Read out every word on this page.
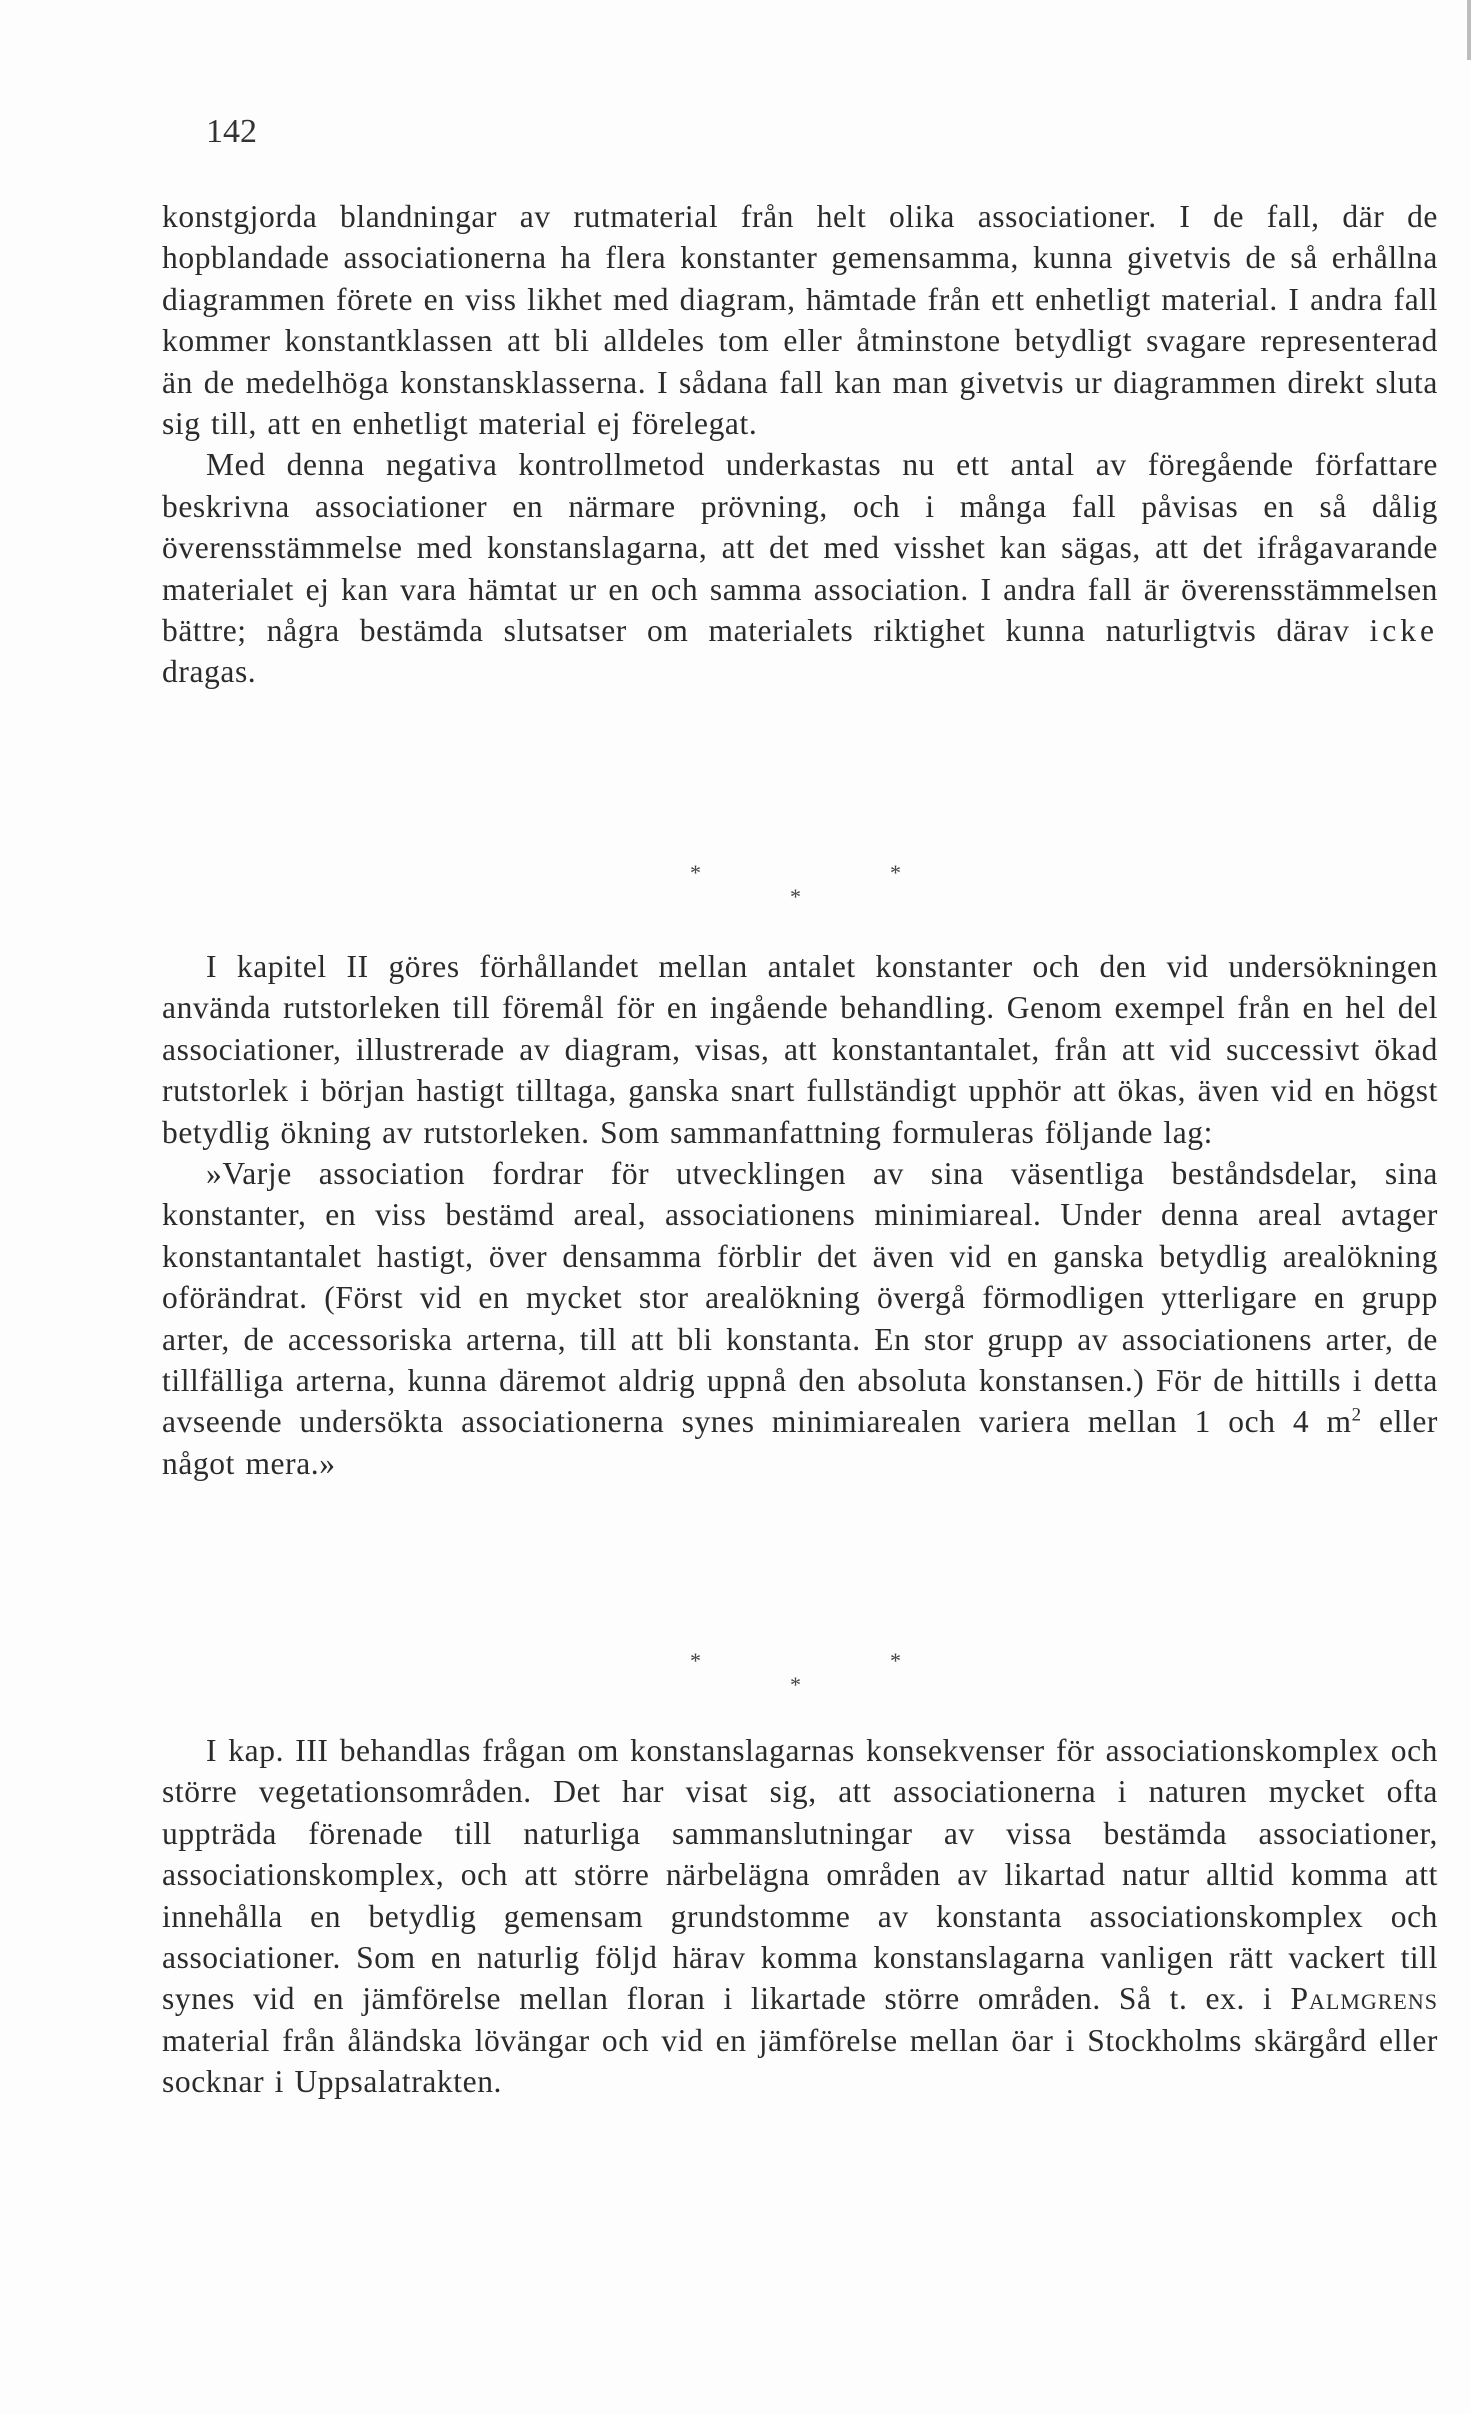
142

konstgjorda blandningar av rutmaterial från helt olika associationer. I de fall, där de hopblandade associationerna ha flera konstanter gemensamma, kunna givetvis de så erhållna diagrammen förete en viss likhet med diagram, hämtade från ett enhetligt material. I andra fall kommer konstantklassen att bli alldeles tom eller åtminstone betydligt svagare representerad än de medelhöga konstansklasserna. I sådana fall kan man givetvis ur diagrammen direkt sluta sig till, att en enhetligt material ej förelegat.

Med denna negativa kontrollmetod underkastas nu ett antal av föregående författare beskrivna associationer en närmare prövning, och i många fall påvisas en så dålig överensstämmelse med konstanslagarna, att det med visshet kan sägas, att det ifrågavarande materialet ej kan vara hämtat ur en och samma association. I andra fall är överensstämmelsen bättre; några bestämda slutsatser om materialets riktighet kunna naturligtvis därav icke dragas.

*	*
*

I kapitel II göres förhållandet mellan antalet konstanter och den vid undersökningen använda rutstorleken till föremål för en ingående behandling. Genom exempel från en hel del associationer, illustrerade av diagram, visas, att konstantantalet, från att vid successivt ökad rutstorlek i början hastigt tilltaga, ganska snart fullständigt upphör att ökas, även vid en högst betydlig ökning av rutstorleken. Som sammanfattning formuleras följande lag:

»Varje association fordrar för utvecklingen av sina väsentliga beståndsdelar, sina konstanter, en viss bestämd areal, associationens minimiareal. Under denna areal avtager konstantantalet hastigt, över densamma förblir det även vid en ganska betydlig arealökning oförändrat. (Först vid en mycket stor arealökning övergå förmodligen ytterligare en grupp arter, de accessoriska arterna, till att bli konstanta. En stor grupp av associationens arter, de tillfälliga arterna, kunna däremot aldrig uppnå den absoluta konstansen.) För de hittills i detta avseende undersökta associationerna synes minimiarealen variera mellan 1 och 4 $m^2$ eller något mera.»

*	*
*

I kap. III behandlas frågan om konstanslagarnas konsekvenser för associationskomplex och större vegetationsområden. Det har visat sig, att associationerna i naturen mycket ofta uppträda förenade till naturliga sammanslutningar av vissa bestämda associationer, associationskomplex, och att större närbelägna områden av likartad natur alltid komma att innehålla en betydlig gemensam grundstomme av konstanta associationskomplex och associationer. Som en naturlig följd härav komma konstanslagarna vanligen rätt vackert till synes vid en jämförelse mellan floran i likartade större områden. Så t. ex. i Palmgrens material från åländska lövängar och vid en jämförelse mellan öar i Stockholms skärgård eller socknar i Uppsalatrakten.
